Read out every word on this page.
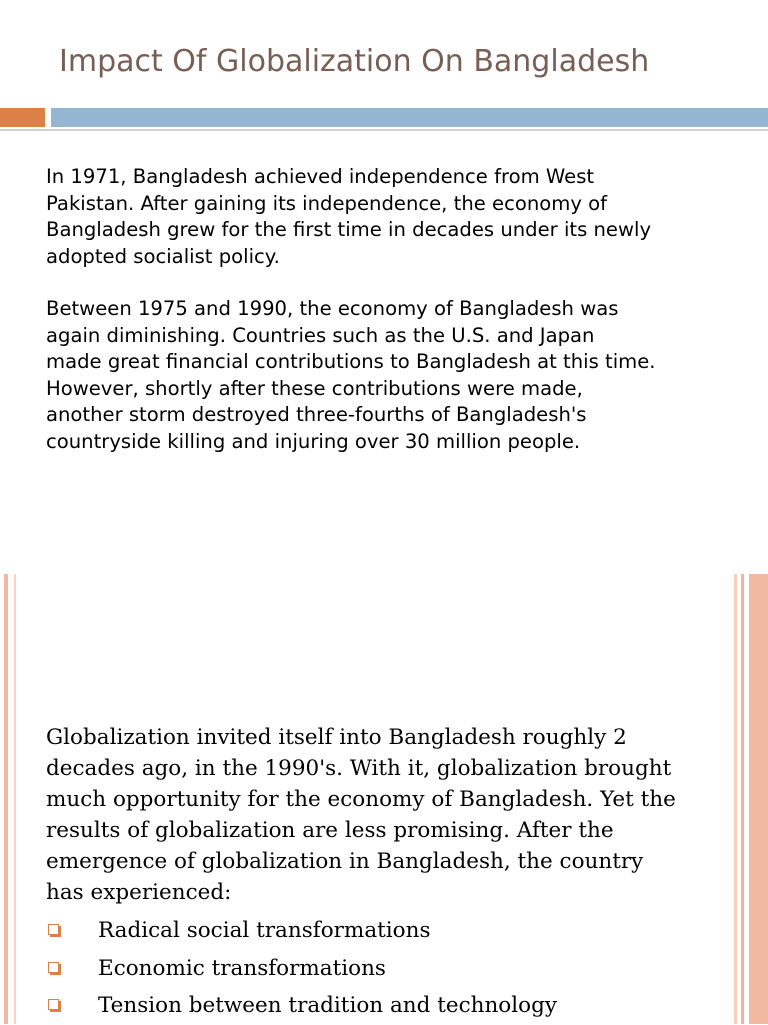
Impact Of Globalization On Bangladesh

In 1971, Bangladesh achieved independence from West Pakistan. After gaining its independence, the economy of Bangladesh grew for the first time in decades under its newly adopted socialist policy.

Between 1975 and 1990, the economy of Bangladesh was again diminishing. Countries such as the U.S. and Japan made great financial contributions to Bangladesh at this time. However, shortly after these contributions were made, another storm destroyed three-fourths of Bangladesh's countryside killing and injuring over 30 million people.

Globalization invited itself into Bangladesh roughly 2 decades ago, in the 1990's. With it, globalization brought much opportunity for the economy of Bangladesh. Yet the results of globalization are less promising. After the emergence of globalization in Bangladesh, the country has experienced:

Radical social transformations
Economic transformations
Tension between tradition and technology
